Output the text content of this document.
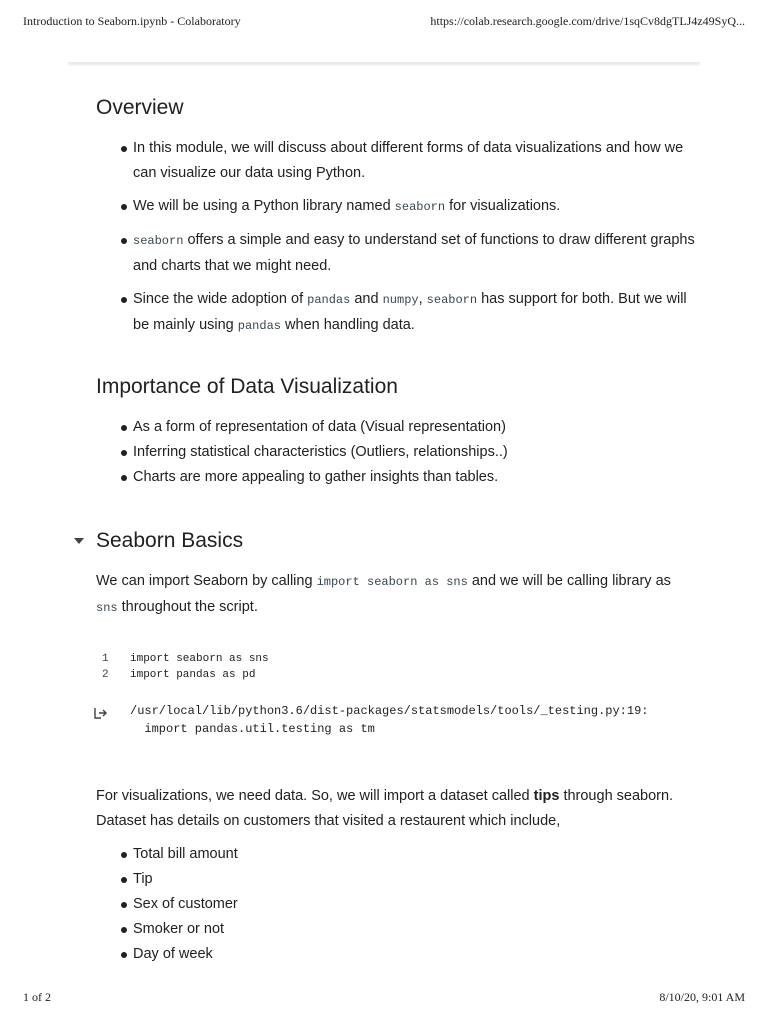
Introduction to Seaborn.ipynb - Colaboratory	https://colab.research.google.com/drive/1sqCv8dgTLJ4z49SyQ...
Overview
In this module, we will discuss about different forms of data visualizations and how we can visualize our data using Python.
We will be using a Python library named seaborn for visualizations.
seaborn offers a simple and easy to understand set of functions to draw different graphs and charts that we might need.
Since the wide adoption of pandas and numpy, seaborn has support for both. But we will be mainly using pandas when handling data.
Importance of Data Visualization
As a form of representation of data (Visual representation)
Inferring statistical characteristics (Outliers, relationships..)
Charts are more appealing to gather insights than tables.
Seaborn Basics

We can import Seaborn by calling import seaborn as sns and we will be calling library as sns throughout the script.

1	import seaborn as sns
2	import pandas as pd
/usr/local/lib/python3.6/dist-packages/statsmodels/tools/_testing.py:19:
import pandas.util.testing as tm

For visualizations, we need data. So, we will import a dataset called tips through seaborn. Dataset has details on customers that visited a restaurent which include,

Total bill amount
Tip
Sex of customer
Smoker or not
Day of week
1 of 2	8/10/20, 9:01 AM
